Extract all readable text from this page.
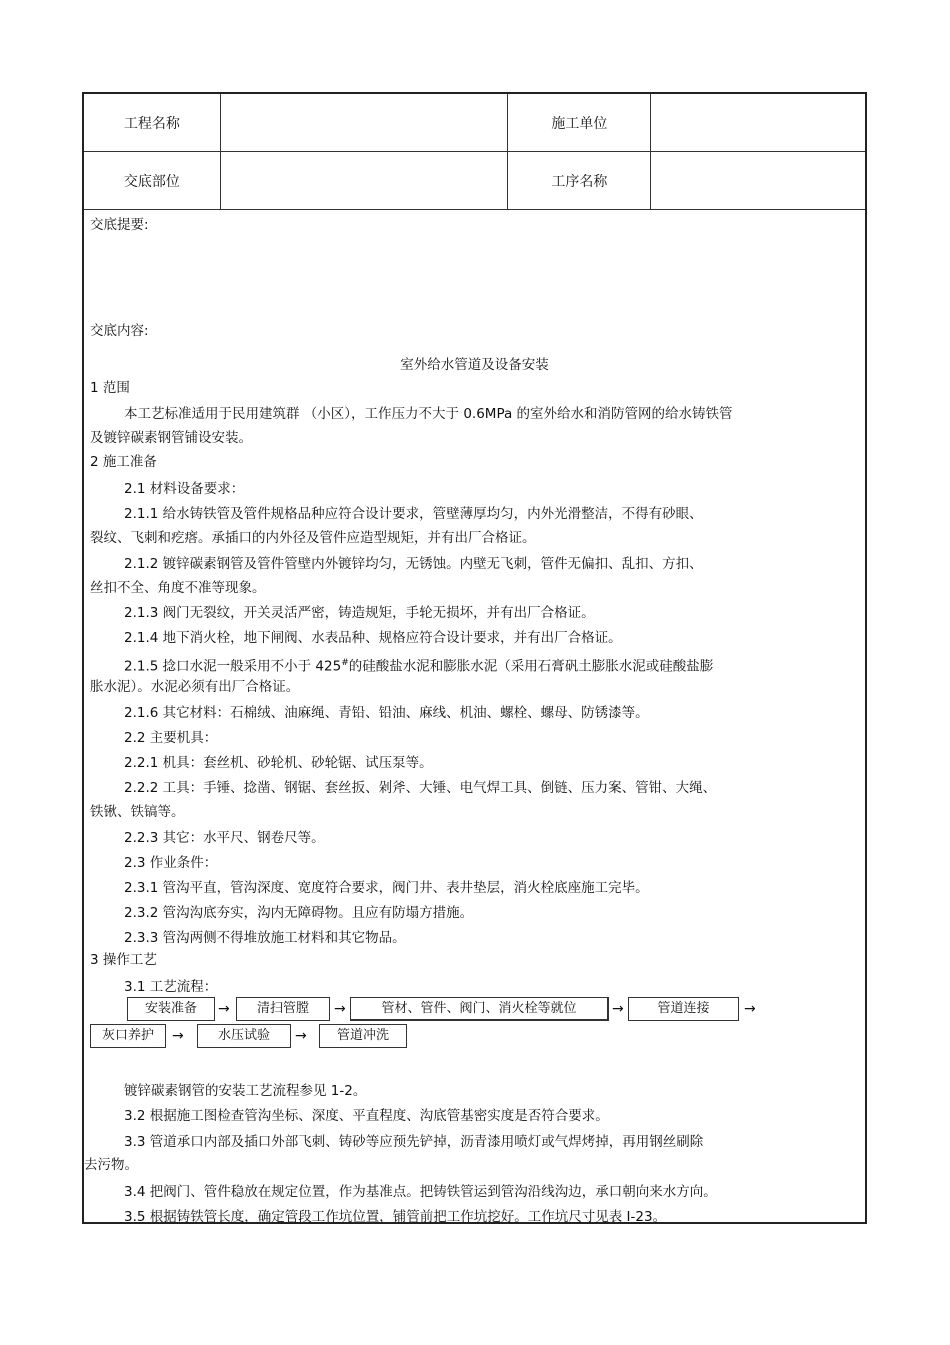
工程名称		施工单位	
交底部位		工序名称	
交底提要:
交底内容:
室外给水管道及设备安装
1 范围
本工艺标准适用于民用建筑群 （小区），工作压力不大于 0.6MPa 的室外给水和消防管网的给水铸铁管
及镀锌碳素钢管铺设安装。
2 施工准备
2.1 材料设备要求：
2.1.1 给水铸铁管及管件规格品种应符合设计要求，管壁薄厚均匀，内外光滑整洁，不得有砂眼、
裂纹、飞刺和疙瘩。承插口的内外径及管件应造型规矩，并有出厂合格证。
2.1.2 镀锌碳素钢管及管件管壁内外镀锌均匀，无锈蚀。内壁无飞刺，管件无偏扣、乱扣、方扣、
丝扣不全、角度不准等现象。
2.1.3 阀门无裂纹，开关灵活严密，铸造规矩，手轮无损坏，并有出厂合格证。
2.1.4 地下消火栓，地下闸阀、水表品种、规格应符合设计要求，并有出厂合格证。
2.1.5 捻口水泥一般采用不小于 425#的硅酸盐水泥和膨胀水泥（采用石膏矾土膨胀水泥或硅酸盐膨
胀水泥）。水泥必须有出厂合格证。
2.1.6 其它材料：石棉绒、油麻绳、青铅、铅油、麻线、机油、螺栓、螺母、防锈漆等。
2.2 主要机具：
2.2.1 机具：套丝机、砂轮机、砂轮锯、试压泵等。
2.2.2 工具：手锤、捻凿、钢锯、套丝扳、剁斧、大锤、电气焊工具、倒链、压力案、管钳、大绳、
铁锹、铁镐等。
2.2.3 其它：水平尺、钢卷尺等。
2.3 作业条件：
2.3.1 管沟平直，管沟深度、宽度符合要求，阀门井、表井垫层，消火栓底座施工完毕。
2.3.2 管沟沟底夯实，沟内无障碍物。且应有防塌方措施。
2.3.3 管沟两侧不得堆放施工材料和其它物品。
3 操作工艺
3.1 工艺流程：
安装准备	→	清扫管膛	→	管材、管件、阀门、消火栓等就位	→	管道连接	→
灰口养护	→	水压试验	→	管道冲洗
镀锌碳素钢管的安装工艺流程参见 1-2。
3.2 根据施工图检查管沟坐标、深度、平直程度、沟底管基密实度是否符合要求。
3.3 管道承口内部及插口外部飞刺、铸砂等应预先铲掉，沥青漆用喷灯或气焊烤掉，再用钢丝刷除
去污物。
3.4 把阀门、管件稳放在规定位置，作为基准点。把铸铁管运到管沟沿线沟边，承口朝向来水方向。
3.5 根据铸铁管长度，确定管段工作坑位置，铺管前把工作坑挖好。工作坑尺寸见表 I-23。
